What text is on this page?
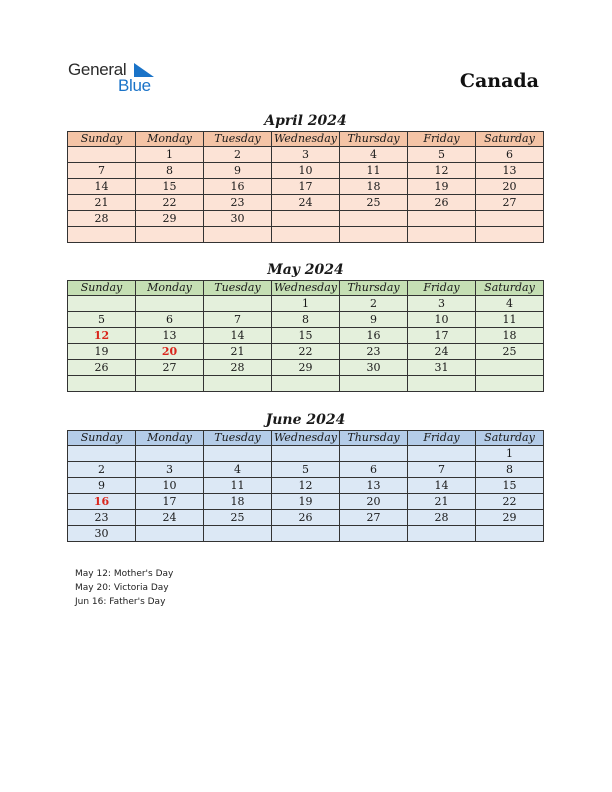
General
Blue	Canada
April 2024
Sunday	Monday	Tuesday	Wednesday	Thursday	Friday	Saturday
	1	2	3	4	5	6
7	8	9	10	11	12	13
14	15	16	17	18	19	20
21	22	23	24	25	26	27
28	29	30				

May 2024
Sunday	Monday	Tuesday	Wednesday	Thursday	Friday	Saturday
			1	2	3	4
5	6	7	8	9	10	11
12	13	14	15	16	17	18
19	20	21	22	23	24	25
26	27	28	29	30	31	

June 2024
Sunday	Monday	Tuesday	Wednesday	Thursday	Friday	Saturday
						1
2	3	4	5	6	7	8
9	10	11	12	13	14	15
16	17	18	19	20	21	22
23	24	25	26	27	28	29
30						
May 12: Mother's Day
May 20: Victoria Day
Jun 16: Father's Day
